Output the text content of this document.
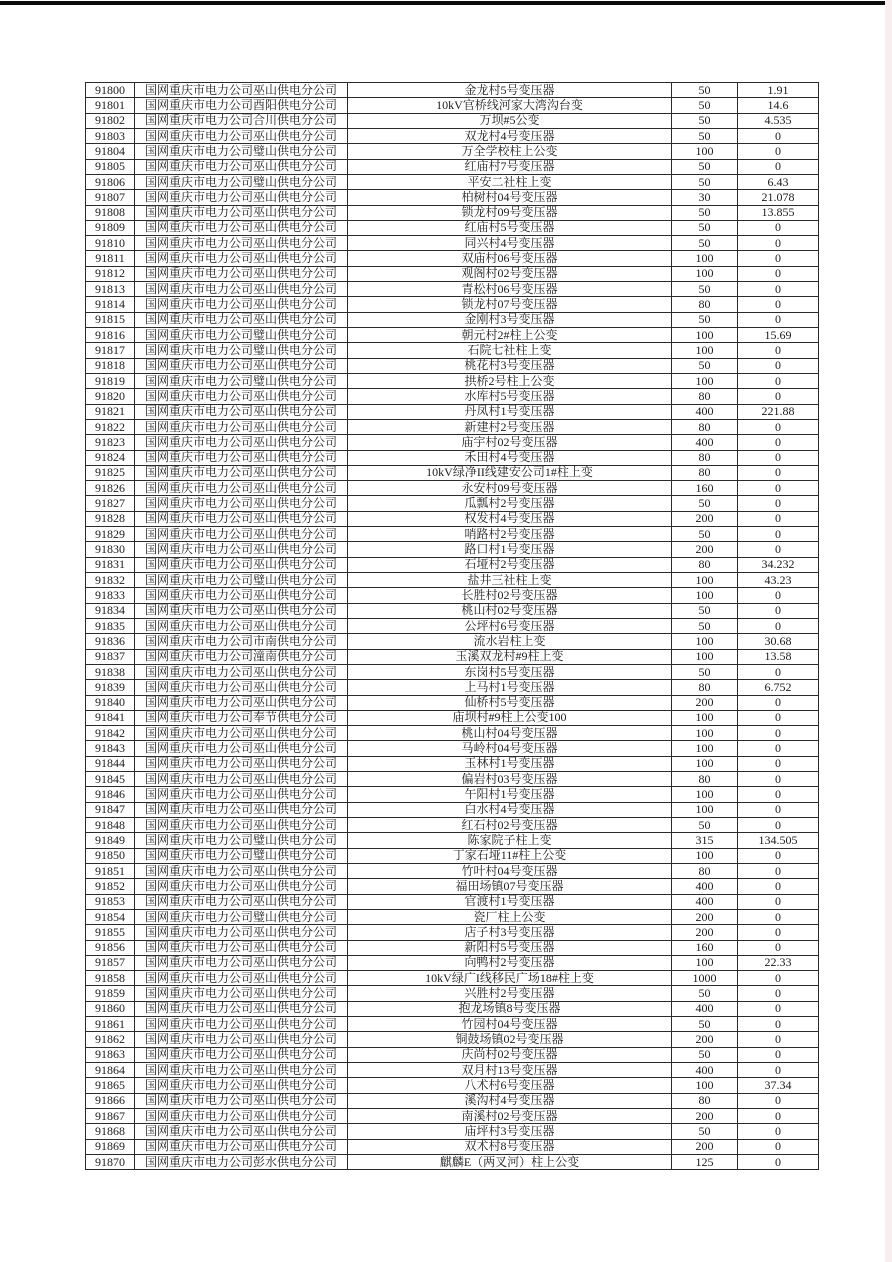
91800	国网重庆市电力公司巫山供电分公司	金龙村5号变压器	50	1.91
91801	国网重庆市电力公司酉阳供电分公司	10kV官桥线河家大湾沟台变	50	14.6
91802	国网重庆市电力公司合川供电分公司	万坝#5公变	50	4.535
91803	国网重庆市电力公司巫山供电分公司	双龙村4号变压器	50	0
91804	国网重庆市电力公司璧山供电分公司	万全学校柱上公变	100	0
91805	国网重庆市电力公司巫山供电分公司	红庙村7号变压器	50	0
91806	国网重庆市电力公司璧山供电分公司	平安二社柱上变	50	6.43
91807	国网重庆市电力公司巫山供电分公司	柏树村04号变压器	30	21.078
91808	国网重庆市电力公司巫山供电分公司	锁龙村09号变压器	50	13.855
91809	国网重庆市电力公司巫山供电分公司	红庙村5号变压器	50	0
91810	国网重庆市电力公司巫山供电分公司	同兴村4号变压器	50	0
91811	国网重庆市电力公司巫山供电分公司	双庙村06号变压器	100	0
91812	国网重庆市电力公司巫山供电分公司	观阁村02号变压器	100	0
91813	国网重庆市电力公司巫山供电分公司	青松村06号变压器	50	0
91814	国网重庆市电力公司巫山供电分公司	锁龙村07号变压器	80	0
91815	国网重庆市电力公司巫山供电分公司	金刚村3号变压器	50	0
91816	国网重庆市电力公司璧山供电分公司	朝元村2#柱上公变	100	15.69
91817	国网重庆市电力公司璧山供电分公司	石院七社柱上变	100	0
91818	国网重庆市电力公司巫山供电分公司	桃花村3号变压器	50	0
91819	国网重庆市电力公司璧山供电分公司	拱桥2号柱上公变	100	0
91820	国网重庆市电力公司巫山供电分公司	水库村5号变压器	80	0
91821	国网重庆市电力公司巫山供电分公司	丹凤村1号变压器	400	221.88
91822	国网重庆市电力公司巫山供电分公司	新建村2号变压器	80	0
91823	国网重庆市电力公司巫山供电分公司	庙宇村02号变压器	400	0
91824	国网重庆市电力公司巫山供电分公司	禾田村4号变压器	80	0
91825	国网重庆市电力公司巫山供电分公司	10kV绿净II线建安公司1#柱上变	80	0
91826	国网重庆市电力公司巫山供电分公司	永安村09号变压器	160	0
91827	国网重庆市电力公司巫山供电分公司	瓜瓢村2号变压器	50	0
91828	国网重庆市电力公司巫山供电分公司	权发村4号变压器	200	0
91829	国网重庆市电力公司巫山供电分公司	哨路村2号变压器	50	0
91830	国网重庆市电力公司巫山供电分公司	路口村1号变压器	200	0
91831	国网重庆市电力公司巫山供电分公司	石垭村2号变压器	80	34.232
91832	国网重庆市电力公司璧山供电分公司	盐井三社柱上变	100	43.23
91833	国网重庆市电力公司巫山供电分公司	长胜村02号变压器	100	0
91834	国网重庆市电力公司巫山供电分公司	桃山村02号变压器	50	0
91835	国网重庆市电力公司巫山供电分公司	公坪村6号变压器	50	0
91836	国网重庆市电力公司市南供电分公司	流水岩柱上变	100	30.68
91837	国网重庆市电力公司潼南供电分公司	玉溪双龙村#9柱上变	100	13.58
91838	国网重庆市电力公司巫山供电分公司	东岗村5号变压器	50	0
91839	国网重庆市电力公司巫山供电分公司	上马村1号变压器	80	6.752
91840	国网重庆市电力公司巫山供电分公司	仙桥村5号变压器	200	0
91841	国网重庆市电力公司奉节供电分公司	庙坝村#9柱上公变100	100	0
91842	国网重庆市电力公司巫山供电分公司	桃山村04号变压器	100	0
91843	国网重庆市电力公司巫山供电分公司	马岭村04号变压器	100	0
91844	国网重庆市电力公司巫山供电分公司	玉林村1号变压器	100	0
91845	国网重庆市电力公司巫山供电分公司	偏岩村03号变压器	80	0
91846	国网重庆市电力公司巫山供电分公司	午阳村1号变压器	100	0
91847	国网重庆市电力公司巫山供电分公司	白水村4号变压器	100	0
91848	国网重庆市电力公司巫山供电分公司	红石村02号变压器	50	0
91849	国网重庆市电力公司璧山供电分公司	陈家院子柱上变	315	134.505
91850	国网重庆市电力公司璧山供电分公司	丁家石垭11#柱上公变	100	0
91851	国网重庆市电力公司巫山供电分公司	竹叶村04号变压器	80	0
91852	国网重庆市电力公司巫山供电分公司	福田场镇07号变压器	400	0
91853	国网重庆市电力公司巫山供电分公司	官渡村1号变压器	400	0
91854	国网重庆市电力公司璧山供电分公司	瓷厂柱上公变	200	0
91855	国网重庆市电力公司巫山供电分公司	店子村3号变压器	200	0
91856	国网重庆市电力公司巫山供电分公司	新阳村5号变压器	160	0
91857	国网重庆市电力公司巫山供电分公司	向鸭村2号变压器	100	22.33
91858	国网重庆市电力公司巫山供电分公司	10kV绿广I线移民广场18#柱上变	1000	0
91859	国网重庆市电力公司巫山供电分公司	兴胜村2号变压器	50	0
91860	国网重庆市电力公司巫山供电分公司	抱龙场镇8号变压器	400	0
91861	国网重庆市电力公司巫山供电分公司	竹园村04号变压器	50	0
91862	国网重庆市电力公司巫山供电分公司	铜鼓场镇02号变压器	200	0
91863	国网重庆市电力公司巫山供电分公司	庆尚村02号变压器	50	0
91864	国网重庆市电力公司巫山供电分公司	双月村13号变压器	400	0
91865	国网重庆市电力公司巫山供电分公司	八术村6号变压器	100	37.34
91866	国网重庆市电力公司巫山供电分公司	溪沟村4号变压器	80	0
91867	国网重庆市电力公司巫山供电分公司	南溪村02号变压器	200	0
91868	国网重庆市电力公司巫山供电分公司	庙坪村3号变压器	50	0
91869	国网重庆市电力公司巫山供电分公司	双术村8号变压器	200	0
91870	国网重庆市电力公司彭水供电分公司	麒麟E（两叉河）柱上公变	125	0
